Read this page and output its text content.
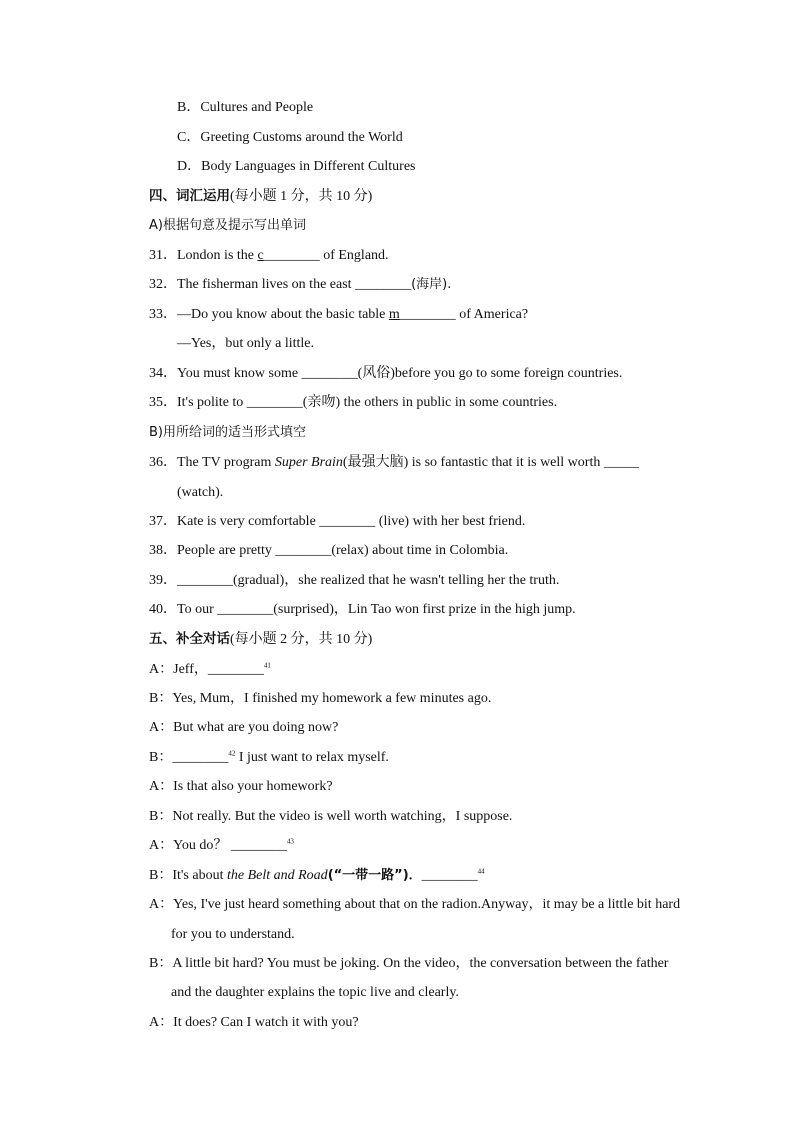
B．Cultures and People
C．Greeting Customs around the World
D．Body Languages in Different Cultures
四、词汇运用(每小题 1 分，共 10 分)
A)根据句意及提示写出单词
31．London is the c________ of England.
32．The fisherman lives on the east ________(海岸).
33．—Do you know about the basic table m________ of America?
—Yes，but only a little.
34．You must know some ________(风俗)before you go to some foreign countries.
35．It's polite to ________(亲吻) the others in public in some countries.
B)用所给词的适当形式填空
36．The TV program Super Brain(最强大脑) is so fantastic that it is well worth _____
(watch).
37．Kate is very comfortable ________ (live) with her best friend.
38．People are pretty ________(relax) about time in Colombia.
39．________(gradual)，she realized that he wasn't telling her the truth.
40．To our ________(surprised)，Lin Tao won first prize in the high jump.
五、补全对话(每小题 2 分，共 10 分)
A：Jeff，________$^{41}$
B：Yes, Mum，I finished my homework a few minutes ago.
A：But what are you doing now?
B：________$^{42}$ I just want to relax myself.
A：Is that also your homework?
B：Not really. But the video is well worth watching，I suppose.
A：You do？ ________$^{43}$
B：It's about the Belt and Road(“一带一路”)．________$^{44}$
A：Yes, I've just heard something about that on the radion.Anyway，it may be a little bit hard
for you to understand.
B：A little bit hard? You must be joking. On the video，the conversation between the father
and the daughter explains the topic live and clearly.
A：It does? Can I watch it with you?
